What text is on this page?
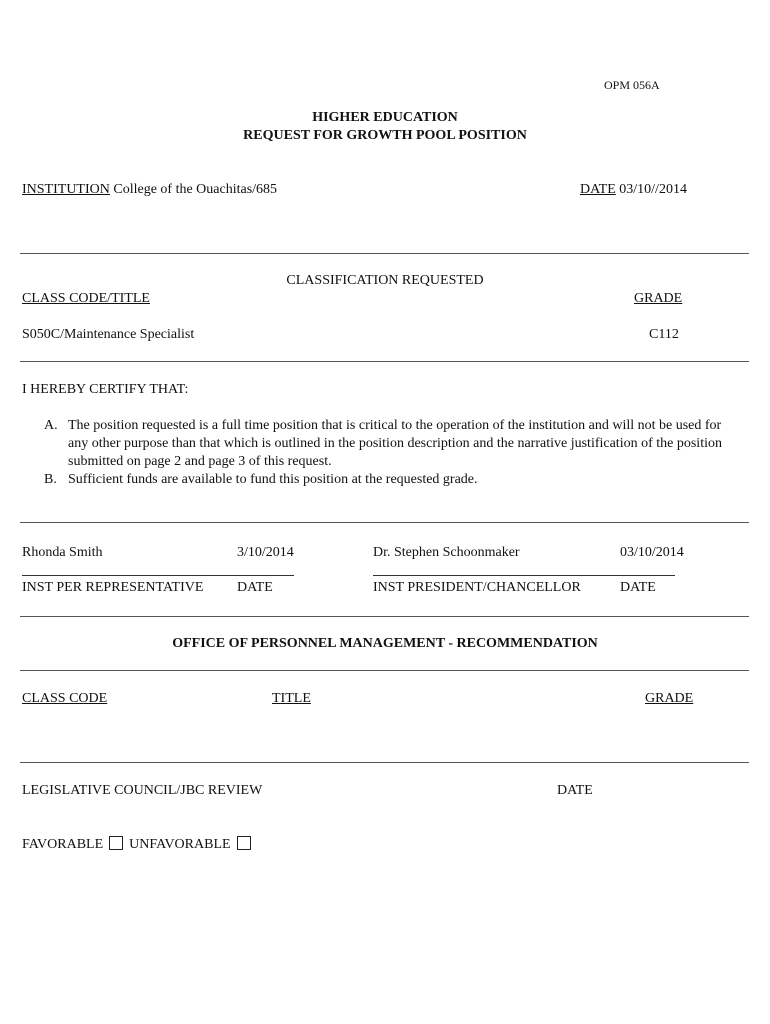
OPM 056A
HIGHER EDUCATION
REQUEST FOR GROWTH POOL POSITION
INSTITUTION College of the Ouachitas/685	DATE 03/10//2014
CLASSIFICATION REQUESTED
CLASS CODE/TITLE	GRADE
S050C/Maintenance Specialist	C112
I HEREBY CERTIFY THAT:
A. The position requested is a full time position that is critical to the operation of the institution and will not be used for any other purpose than that which is outlined in the position description and the narrative justification of the position submitted on page 2 and page 3 of this request.
B. Sufficient funds are available to fund this position at the requested grade.
Rhonda Smith	3/10/2014	Dr. Stephen Schoonmaker	03/10/2014
INST PER REPRESENTATIVE DATE	INST PRESIDENT/CHANCELLOR	DATE
OFFICE OF PERSONNEL MANAGEMENT - RECOMMENDATION
CLASS CODE	TITLE	GRADE
LEGISLATIVE COUNCIL/JBC REVIEW	DATE
FAVORABLE UNFAVORABLE
